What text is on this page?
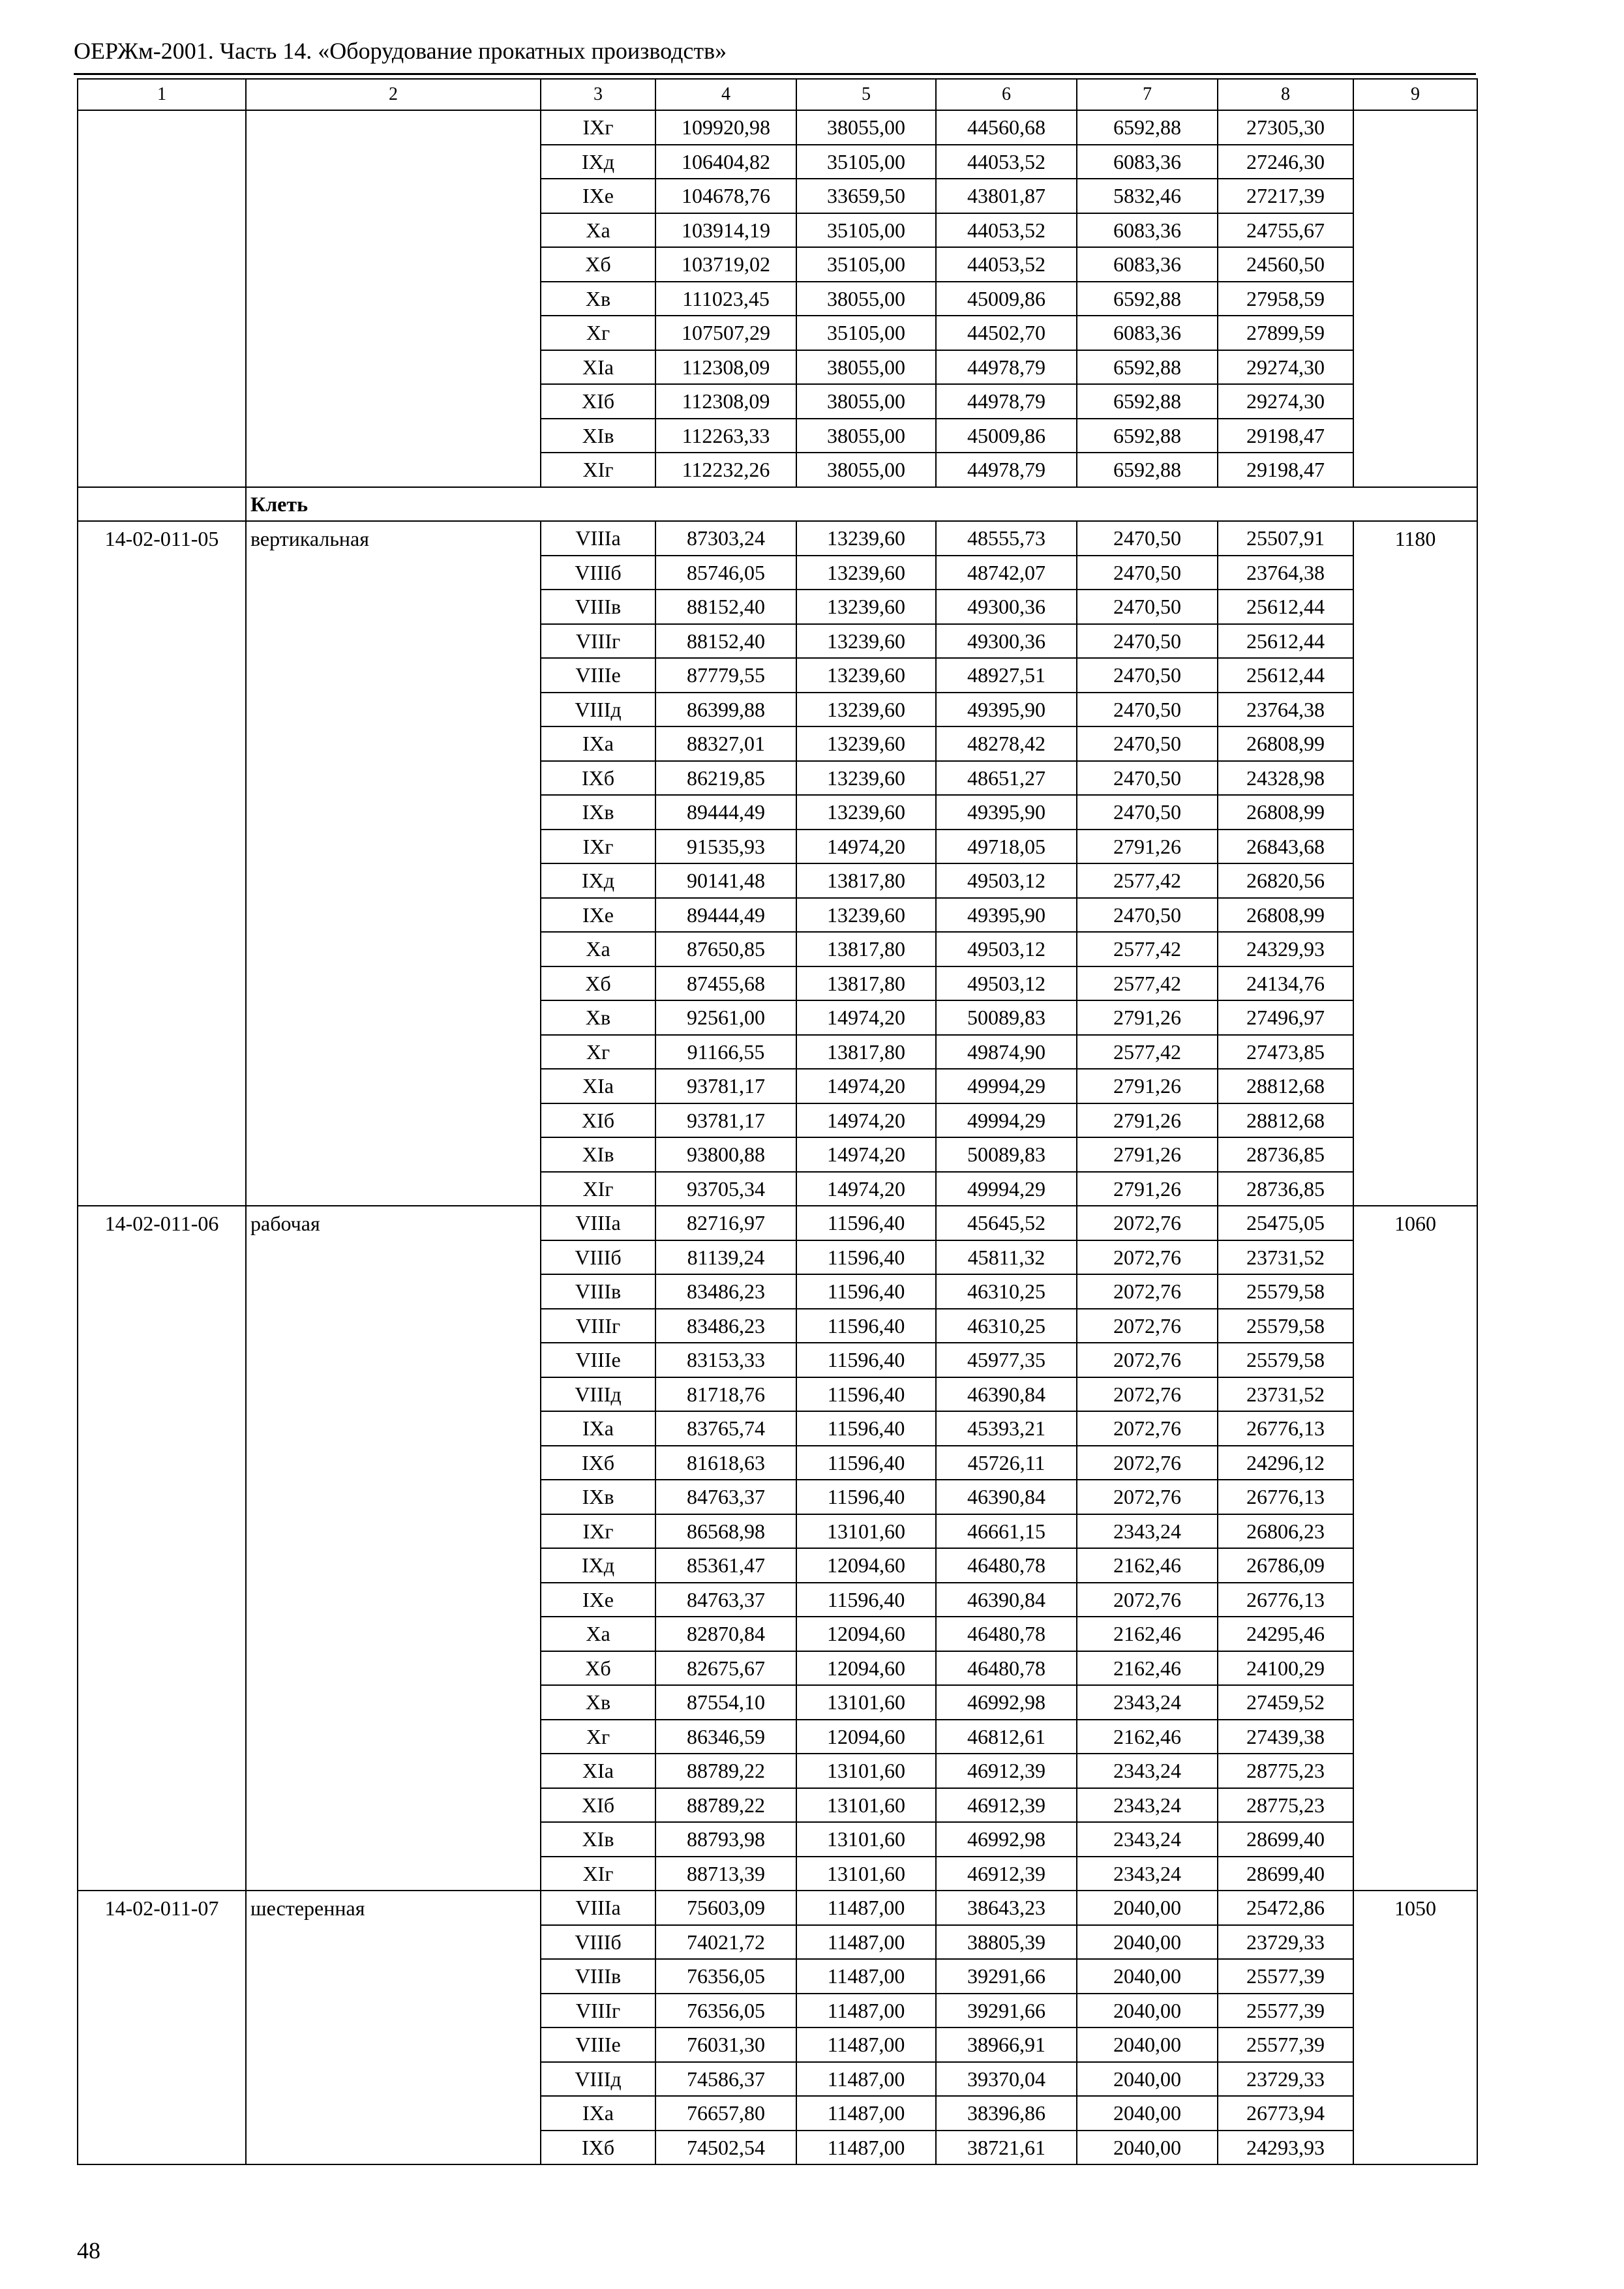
ОЕРЖм-2001. Часть 14. «Оборудование прокатных производств»
1	2	3	4	5	6	7	8	9
		IXг	109920,98	38055,00	44560,68	6592,88	27305,30	
		IXд	106404,82	35105,00	44053,52	6083,36	27246,30	
		IXе	104678,76	33659,50	43801,87	5832,46	27217,39	
		Xа	103914,19	35105,00	44053,52	6083,36	24755,67	
		Xб	103719,02	35105,00	44053,52	6083,36	24560,50	
		Xв	111023,45	38055,00	45009,86	6592,88	27958,59	
		Xг	107507,29	35105,00	44502,70	6083,36	27899,59	
		XIа	112308,09	38055,00	44978,79	6592,88	29274,30	
		XIб	112308,09	38055,00	44978,79	6592,88	29274,30	
		XIв	112263,33	38055,00	45009,86	6592,88	29198,47	
		XIг	112232,26	38055,00	44978,79	6592,88	29198,47	
	Клеть							
14-02-011-05	вертикальная	VIIIа	87303,24	13239,60	48555,73	2470,50	25507,91	1180
		VIIIб	85746,05	13239,60	48742,07	2470,50	23764,38	
		VIIIв	88152,40	13239,60	49300,36	2470,50	25612,44	
		VIIIг	88152,40	13239,60	49300,36	2470,50	25612,44	
		VIIIе	87779,55	13239,60	48927,51	2470,50	25612,44	
		VIIIд	86399,88	13239,60	49395,90	2470,50	23764,38	
		IXа	88327,01	13239,60	48278,42	2470,50	26808,99	
		IXб	86219,85	13239,60	48651,27	2470,50	24328,98	
		IXв	89444,49	13239,60	49395,90	2470,50	26808,99	
		IXг	91535,93	14974,20	49718,05	2791,26	26843,68	
		IXд	90141,48	13817,80	49503,12	2577,42	26820,56	
		IXе	89444,49	13239,60	49395,90	2470,50	26808,99	
		Xа	87650,85	13817,80	49503,12	2577,42	24329,93	
		Xб	87455,68	13817,80	49503,12	2577,42	24134,76	
		Xв	92561,00	14974,20	50089,83	2791,26	27496,97	
		Xг	91166,55	13817,80	49874,90	2577,42	27473,85	
		XIа	93781,17	14974,20	49994,29	2791,26	28812,68	
		XIб	93781,17	14974,20	49994,29	2791,26	28812,68	
		XIв	93800,88	14974,20	50089,83	2791,26	28736,85	
		XIг	93705,34	14974,20	49994,29	2791,26	28736,85	
14-02-011-06	рабочая	VIIIа	82716,97	11596,40	45645,52	2072,76	25475,05	1060
		VIIIб	81139,24	11596,40	45811,32	2072,76	23731,52	
		VIIIв	83486,23	11596,40	46310,25	2072,76	25579,58	
		VIIIг	83486,23	11596,40	46310,25	2072,76	25579,58	
		VIIIе	83153,33	11596,40	45977,35	2072,76	25579,58	
		VIIIд	81718,76	11596,40	46390,84	2072,76	23731,52	
		IXа	83765,74	11596,40	45393,21	2072,76	26776,13	
		IXб	81618,63	11596,40	45726,11	2072,76	24296,12	
		IXв	84763,37	11596,40	46390,84	2072,76	26776,13	
		IXг	86568,98	13101,60	46661,15	2343,24	26806,23	
		IXд	85361,47	12094,60	46480,78	2162,46	26786,09	
		IXе	84763,37	11596,40	46390,84	2072,76	26776,13	
		Xа	82870,84	12094,60	46480,78	2162,46	24295,46	
		Xб	82675,67	12094,60	46480,78	2162,46	24100,29	
		Xв	87554,10	13101,60	46992,98	2343,24	27459,52	
		Xг	86346,59	12094,60	46812,61	2162,46	27439,38	
		XIа	88789,22	13101,60	46912,39	2343,24	28775,23	
		XIб	88789,22	13101,60	46912,39	2343,24	28775,23	
		XIв	88793,98	13101,60	46992,98	2343,24	28699,40	
		XIг	88713,39	13101,60	46912,39	2343,24	28699,40	
14-02-011-07	шестеренная	VIIIа	75603,09	11487,00	38643,23	2040,00	25472,86	1050
		VIIIб	74021,72	11487,00	38805,39	2040,00	23729,33	
		VIIIв	76356,05	11487,00	39291,66	2040,00	25577,39	
		VIIIг	76356,05	11487,00	39291,66	2040,00	25577,39	
		VIIIе	76031,30	11487,00	38966,91	2040,00	25577,39	
		VIIIд	74586,37	11487,00	39370,04	2040,00	23729,33	
		IXа	76657,80	11487,00	38396,86	2040,00	26773,94	
		IXб	74502,54	11487,00	38721,61	2040,00	24293,93	
48
